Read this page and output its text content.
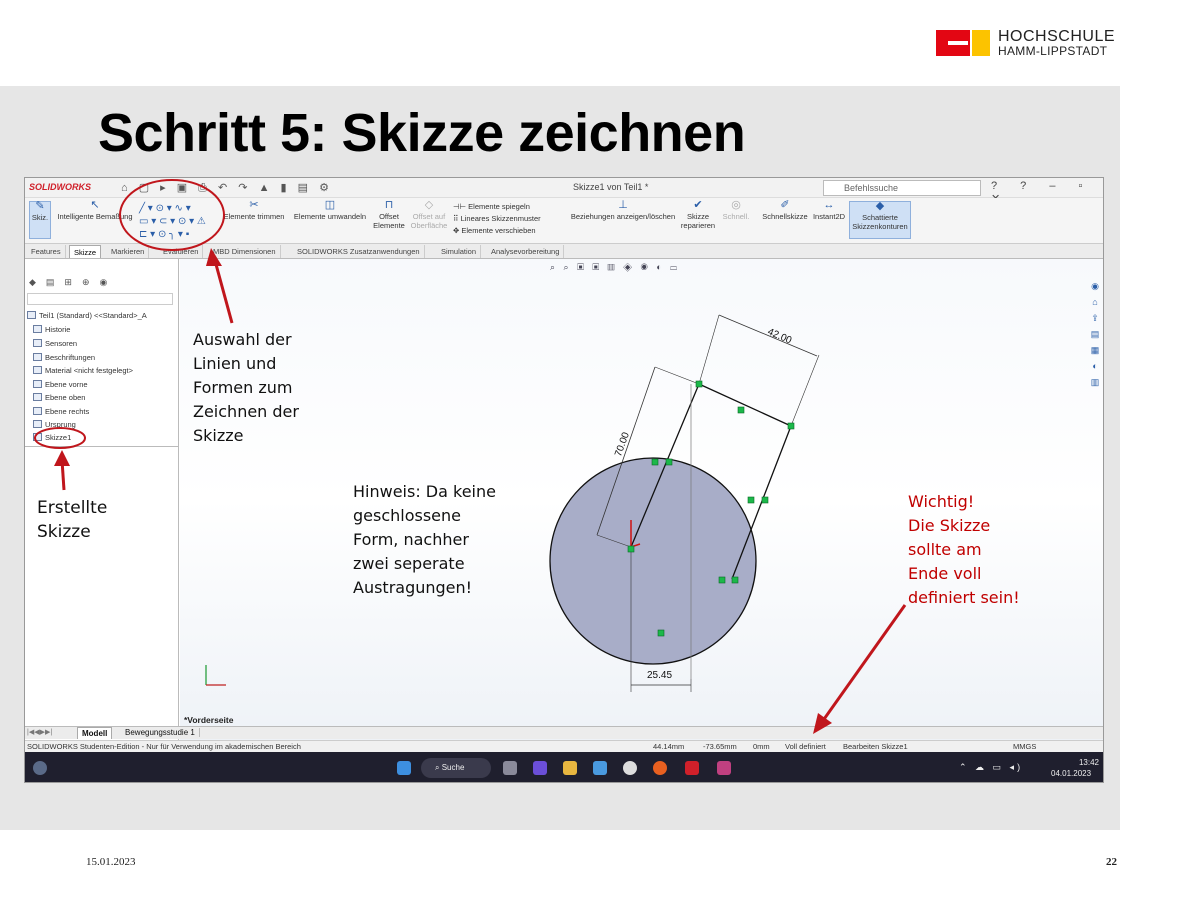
HOCHSCHULE
HAMM-LIPPSTADT
Schritt 5: Skizze zeichnen
SOLIDWORKS	⌂ ▢ ▸ ▣ ⎙ ↶ ↷ ▲ ▮ ▤ ⚙	Skizze1 von Teil1 *	Befehlssuche	? ? – ▫
✎
Skiz.
↖
Intelligente Bemaßung
╱ ▾ ⊙ ▾ ∿ ▾
▭ ▾ ⊂ ▾ ⊙ ▾ ⚠
⊏ ▾ ⊙ ╮ ▾ ▪
✂
Elemente trimmen
◫
Elemente umwandeln
⊓
Offset Elemente
◇
Offset auf Oberfläche
⊣⊢ Elemente spiegeln
⠿ Lineares Skizzenmuster
✥ Elemente verschieben
⊥
Beziehungen anzeigen/löschen
✔
Skizze reparieren
◎
Schnell.
✐
Schnellskizze
↔
Instant2D
◆
Schattierte Skizzenkonturen
Features	Skizze	Markieren	Evaluieren	MBD Dimensionen	SOLIDWORKS Zusatzanwendungen	Simulation	Analysevorbereitung
◆▤⊞⊕◉
Teil1 (Standard) <<Standard>_A
Historie
Sensoren
Beschriftungen
Material <nicht festgelegt>
Ebene vorne
Ebene oben
Ebene rechts
Ursprung
Skizze1
⌕ ⌕ ▣ ▣ ▥ ◈ ◉ ◐ ▭
42.00
70.00
25.45
*Vorderseite
◉
⌂
⇪
▤
▦
◐
▥
|◀◀▶▶|	Modell	Bewegungsstudie 1
SOLIDWORKS Studenten-Edition - Nur für Verwendung im akademischen Bereich	44.14mm -73.65mm 0mm Voll definiert Bearbeiten Skizze1	MMGS
⌕ Suche	⌃ ☁ ▭ ◂)	13:42
04.01.2023
Auswahl der
Linien und
Formen zum
Zeichnen der
Skizze
Erstellte
Skizze
Hinweis: Da keine
geschlossene
Form, nachher
zwei seperate
Austragungen!
Wichtig!
Die Skizze
sollte am
Ende voll
definiert sein!
15.01.2023	22
